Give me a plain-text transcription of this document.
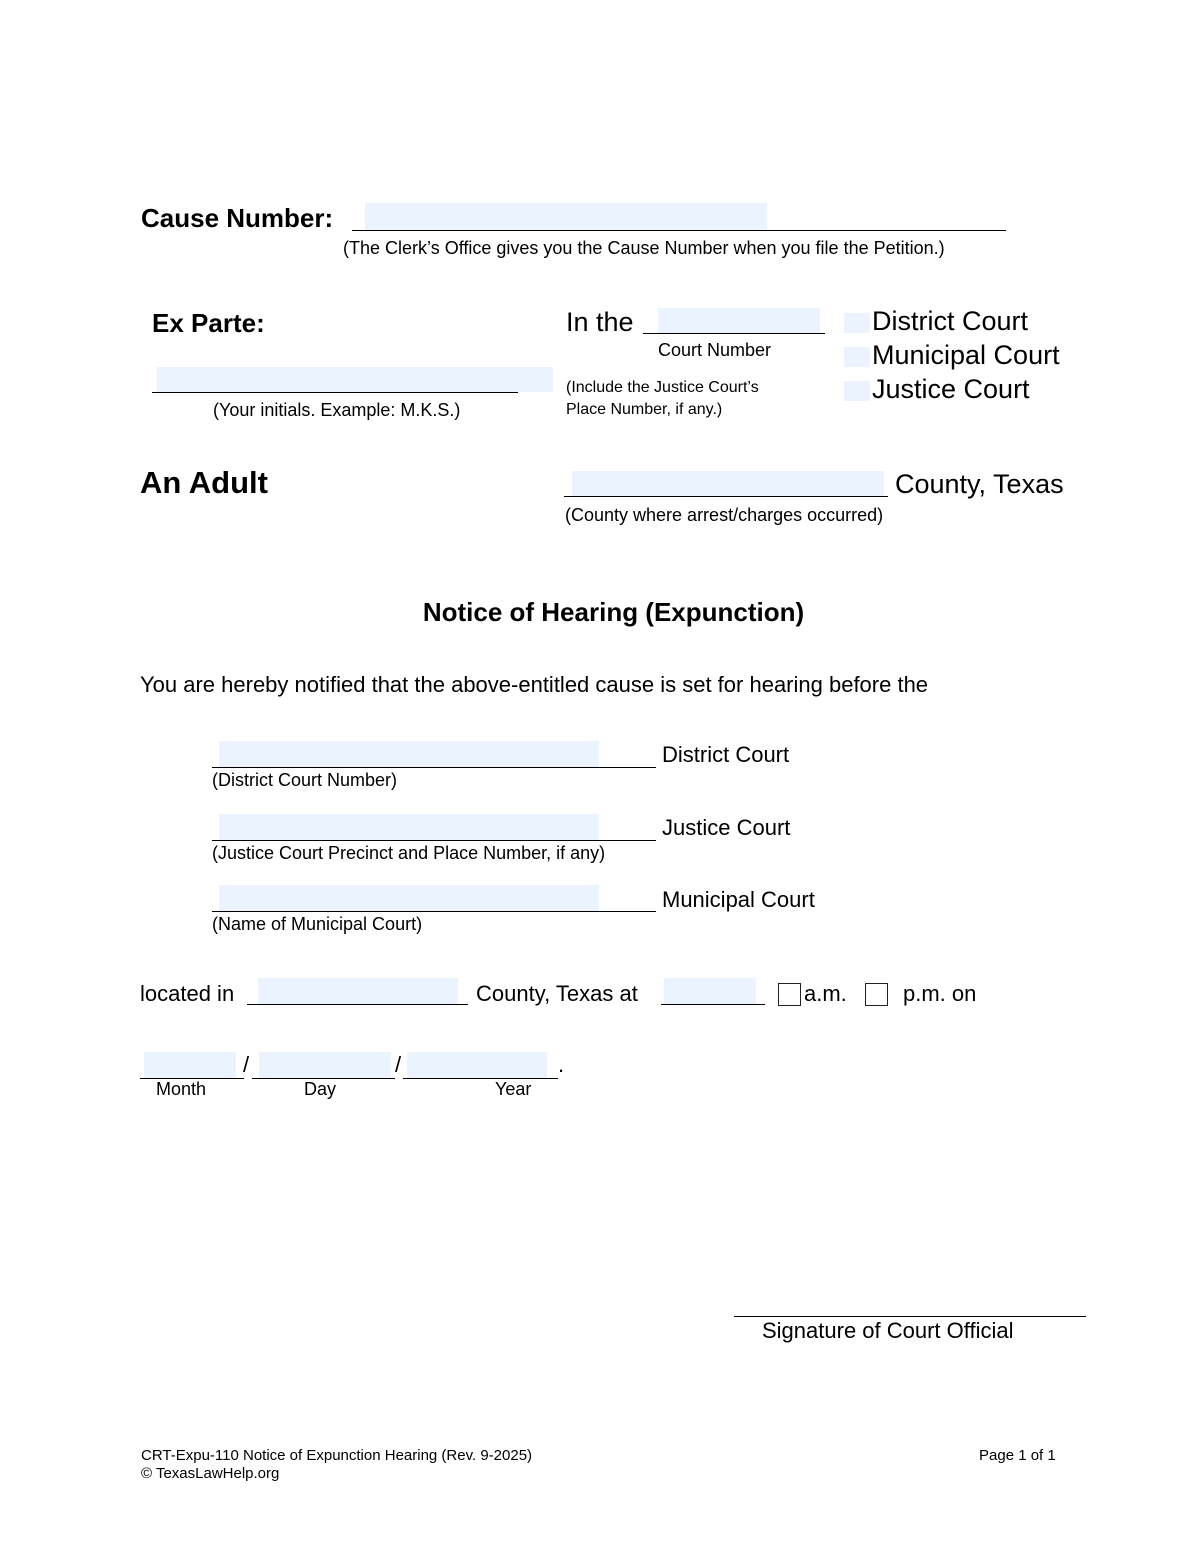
Cause Number:
(The Clerk’s Office gives you the Cause Number when you file the Petition.)
Ex Parte:
(Your initials. Example: M.K.S.)
In the
Court Number
(Include the Justice Court’s
Place Number, if any.)
District Court
Municipal Court
Justice Court
An Adult	County, Texas
(County where arrest/charges occurred)
Notice of Hearing (Expunction)
You are hereby notified that the above-entitled cause is set for hearing before the
District Court
(District Court Number)
Justice Court
(Justice Court Precinct and Place Number, if any)
Municipal Court
(Name of Municipal Court)
located in	County, Texas at	a.m.	p.m. on
/	/	.
Month	Day	Year
Signature of Court Official
CRT-Expu-110 Notice of Expunction Hearing (Rev. 9-2025)
© TexasLawHelp.org
Page 1 of 1
